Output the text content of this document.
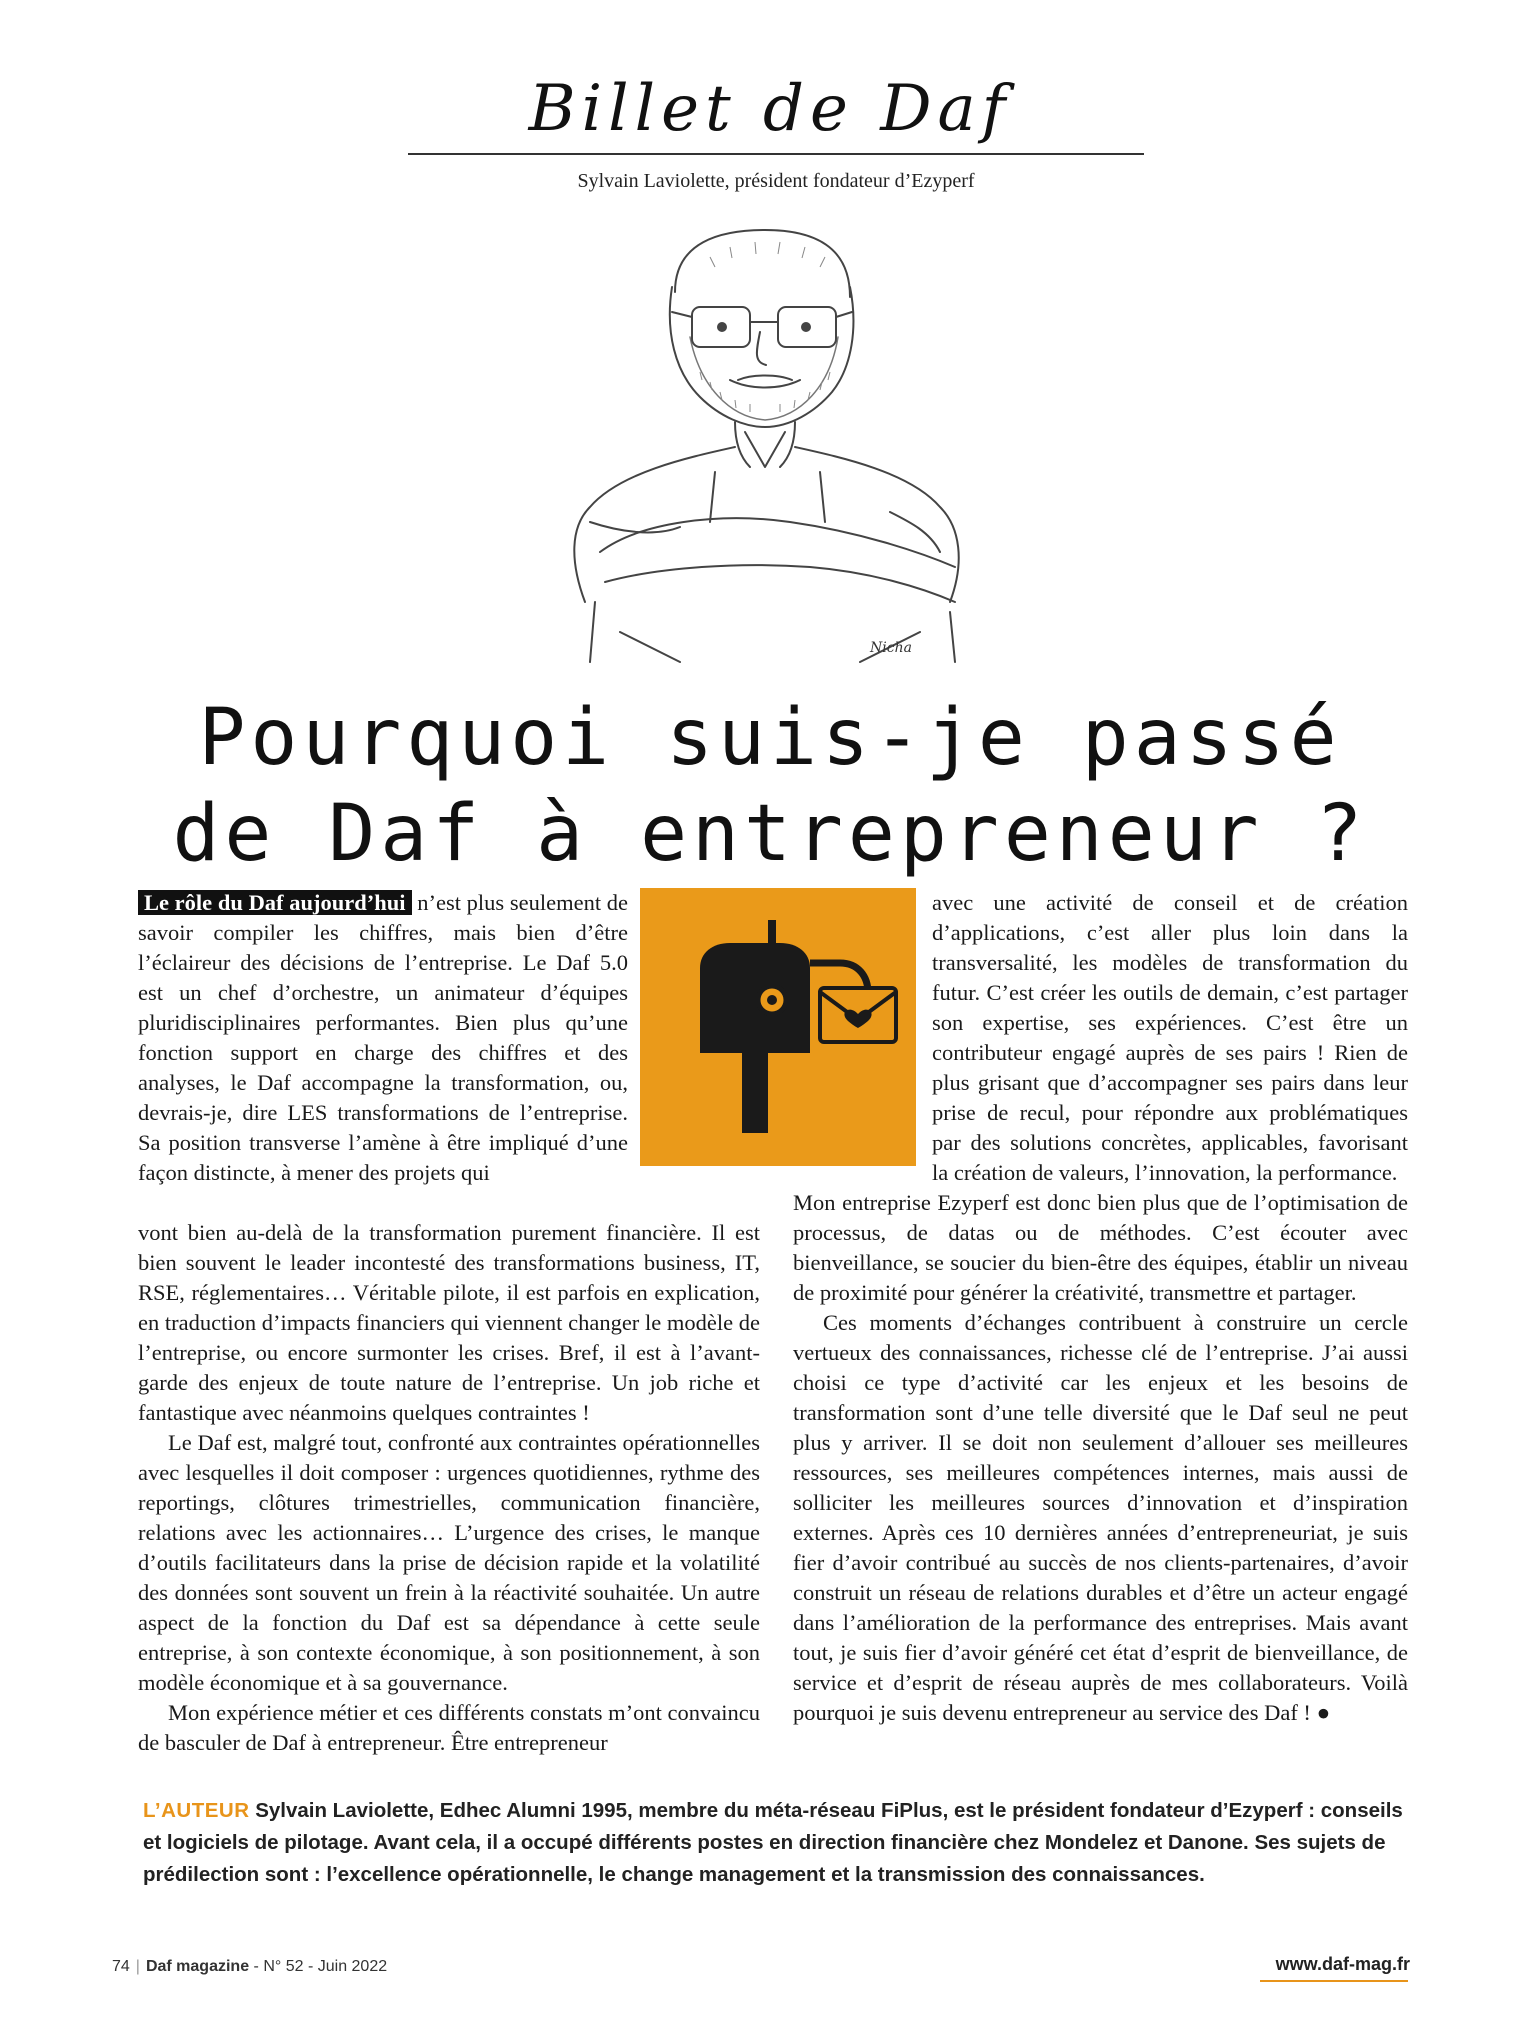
Billet de Daf
Sylvain Laviolette, président fondateur d’Ezyperf
Nicha
Pourquoi suis-je passé
de Daf à entrepreneur ?

Le rôle du Daf aujourd’hui n’est plus seulement de savoir compiler les chiffres, mais bien d’être l’éclaireur des décisions de l’entreprise. Le Daf 5.0 est un chef d’orchestre, un animateur d’équipes pluridisciplinaires performantes. Bien plus qu’une fonction support en charge des chiffres et des analyses, le Daf accompagne la transformation, ou, devrais-je, dire LES transformations de l’entreprise. Sa position transverse l’amène à être impliqué d’une façon distincte, à mener des projets qui

vont bien au-delà de la transformation purement financière. Il est bien souvent le leader incontesté des transformations business, IT, RSE, réglementaires… Véritable pilote, il est parfois en explication, en traduction d’impacts financiers qui viennent changer le modèle de l’entreprise, ou encore surmonter les crises. Bref, il est à l’avant-garde des enjeux de toute nature de l’entreprise. Un job riche et fantastique avec néanmoins quelques contraintes !

Le Daf est, malgré tout, confronté aux contraintes opérationnelles avec lesquelles il doit composer : urgences quotidiennes, rythme des reportings, clôtures trimestrielles, communication financière, relations avec les actionnaires… L’urgence des crises, le manque d’outils facilitateurs dans la prise de décision rapide et la volatilité des données sont souvent un frein à la réactivité souhaitée. Un autre aspect de la fonction du Daf est sa dépendance à cette seule entreprise, à son contexte économique, à son positionnement, à son modèle économique et à sa gouvernance.

Mon expérience métier et ces différents constats m’ont convaincu de basculer de Daf à entrepreneur. Être entrepreneur

avec une activité de conseil et de création d’applications, c’est aller plus loin dans la transversalité, les modèles de transformation du futur. C’est créer les outils de demain, c’est partager son expertise, ses expériences. C’est être un contributeur engagé auprès de ses pairs ! Rien de plus grisant que d’accompagner ses pairs dans leur prise de recul, pour répondre aux problématiques par des solutions concrètes, applicables, favorisant la création de valeurs, l’innovation, la performance.

Mon entreprise Ezyperf est donc bien plus que de l’optimisation de processus, de datas ou de méthodes. C’est écouter avec bienveillance, se soucier du bien-être des équipes, établir un niveau de proximité pour générer la créativité, transmettre et partager.

Ces moments d’échanges contribuent à construire un cercle vertueux des connaissances, richesse clé de l’entreprise. J’ai aussi choisi ce type d’activité car les enjeux et les besoins de transformation sont d’une telle diversité que le Daf seul ne peut plus y arriver. Il se doit non seulement d’allouer ses meilleures ressources, ses meilleures compétences internes, mais aussi de solliciter les meilleures sources d’innovation et d’inspiration externes. Après ces 10 dernières années d’entrepreneuriat, je suis fier d’avoir contribué au succès de nos clients-partenaires, d’avoir construit un réseau de relations durables et d’être un acteur engagé dans l’amélioration de la performance des entreprises. Mais avant tout, je suis fier d’avoir généré cet état d’esprit de bienveillance, de service et d’esprit de réseau auprès de mes collaborateurs. Voilà pourquoi je suis devenu entrepreneur au service des Daf ! ●

L’AUTEUR Sylvain Laviolette, Edhec Alumni 1995, membre du méta-réseau FiPlus, est le président fondateur d’Ezyperf : conseils et logiciels de pilotage. Avant cela, il a occupé différents postes en direction financière chez Mondelez et Danone. Ses sujets de prédilection sont : l’excellence opérationnelle, le change management et la transmission des connaissances.
74 | Daf magazine - N° 52 - Juin 2022	www.daf-mag.fr
